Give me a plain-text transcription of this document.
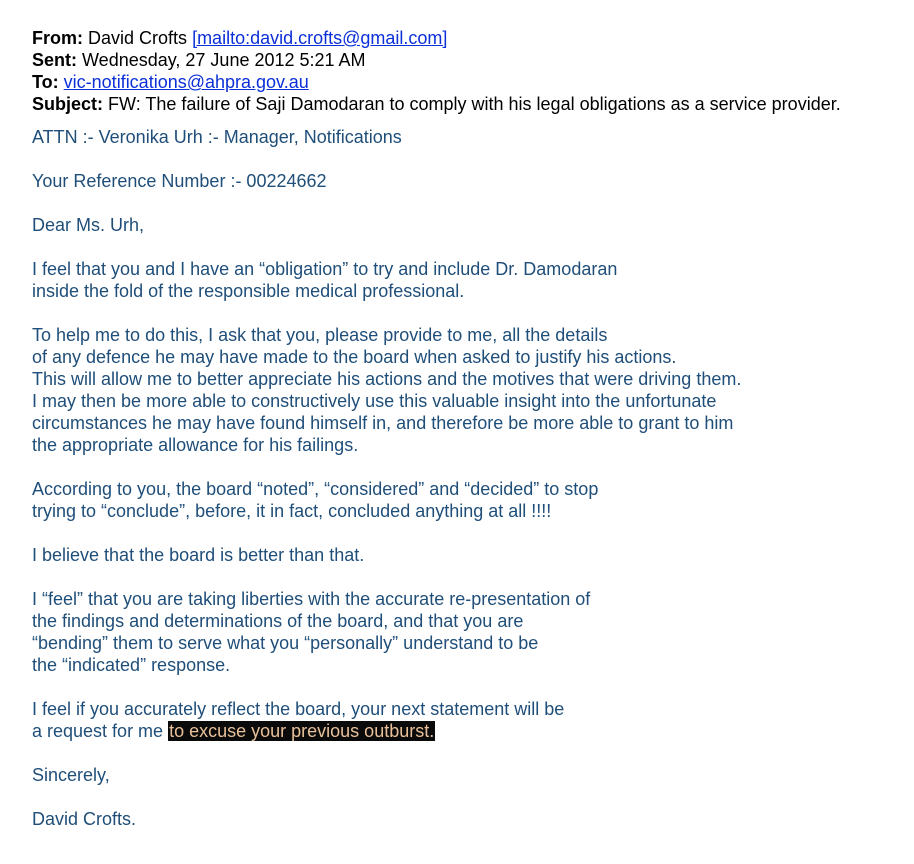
From: David Crofts [mailto:david.crofts@gmail.com]
Sent: Wednesday, 27 June 2012 5:21 AM
To: vic-notifications@ahpra.gov.au
Subject: FW: The failure of Saji Damodaran to comply with his legal obligations as a service provider.
ATTN :- Veronika Urh :- Manager, Notifications
Your Reference Number :- 00224662
Dear Ms. Urh,
I feel that you and I have an “obligation” to try and include Dr. Damodaran
inside the fold of the responsible medical professional.
To help me to do this, I ask that you, please provide to me, all the details
of any defence he may have made to the board when asked to justify his actions.
This will allow me to better appreciate his actions and the motives that were driving them.
I may then be more able to constructively use this valuable insight into the unfortunate
circumstances he may have found himself in, and therefore be more able to grant to him
the appropriate allowance for his failings.
According to you, the board “noted”, “considered” and “decided” to stop
trying to “conclude”, before, it in fact, concluded anything at all !!!!
I believe that the board is better than that.
I “feel” that you are taking liberties with the accurate re-presentation of
the findings and determinations of the board, and that you are
“bending” them to serve what you “personally” understand to be
the “indicated” response.
I feel if you accurately reflect the board, your next statement will be
a request for me to excuse your previous outburst.
Sincerely,
David Crofts.
